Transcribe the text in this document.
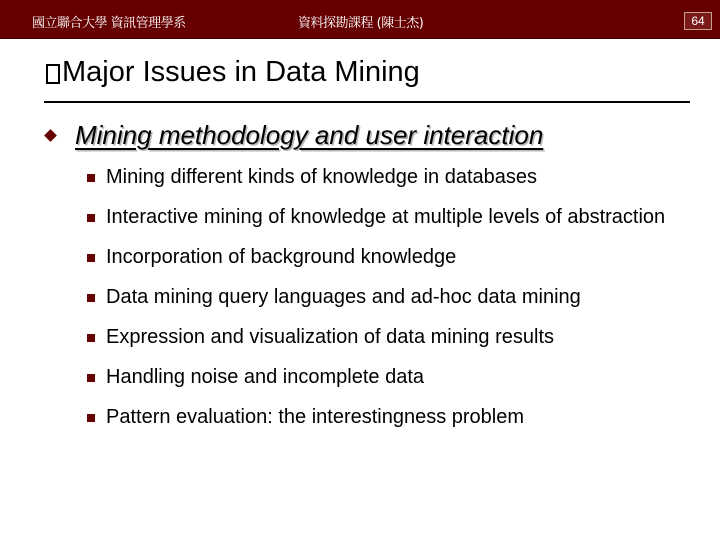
國立聯合大學 資訊管理學系	資料探勘課程 (陳士杰)	64
Major Issues in Data Mining
Mining methodology and user interaction
Mining different kinds of knowledge in databases
Interactive mining of knowledge at multiple levels of abstraction
Incorporation of background knowledge
Data mining query languages and ad-hoc data mining
Expression and visualization of data mining results
Handling noise and incomplete data
Pattern evaluation: the interestingness problem
